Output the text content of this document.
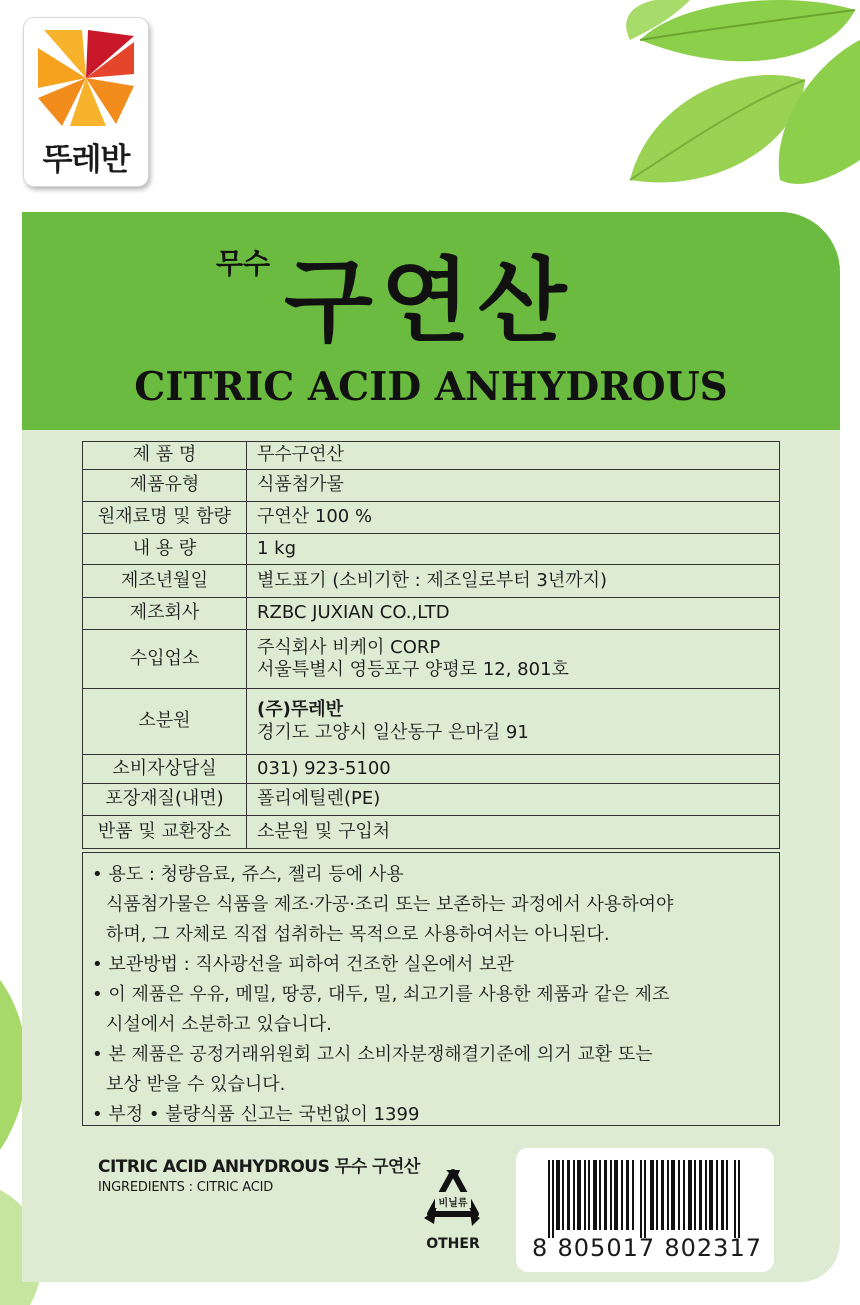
뚜레반
무수 구연산
CITRIC ACID ANHYDROUS
제 품 명	무수구연산
제품유형	식품첨가물
원재료명 및 함량	구연산 100 %
내 용 량	1 kg
제조년월일	별도표기 (소비기한 : 제조일로부터 3년까지)
제조회사	RZBC JUXIAN CO.,LTD
수입업소	주식회사 비케이 CORP
서울특별시 영등포구 양평로 12, 801호

소분원	(주)뚜레반
경기도 고양시 일산동구 은마길 91

소비자상담실	031) 923-5100
포장재질(내면)	폴리에틸렌(PE)
반품 및 교환장소	소분원 및 구입처
• 용도 : 청량음료, 쥬스, 젤리 등에 사용
식품첨가물은 식품을 제조·가공·조리 또는 보존하는 과정에서 사용하여야
하며, 그 자체로 직접 섭취하는 목적으로 사용하여서는 아니된다.
• 보관방법 : 직사광선을 피하여 건조한 실온에서 보관
• 이 제품은 우유, 메밀, 땅콩, 대두, 밀, 쇠고기를 사용한 제품과 같은 제조
시설에서 소분하고 있습니다.
• 본 제품은 공정거래위원회 고시 소비자분쟁해결기준에 의거 교환 또는
보상 받을 수 있습니다.
• 부정 • 불량식품 신고는 국번없이 1399
CITRIC ACID ANHYDROUS 무수 구연산
INGREDIENTS : CITRIC ACID
비닐류
OTHER	8 805017 802317
